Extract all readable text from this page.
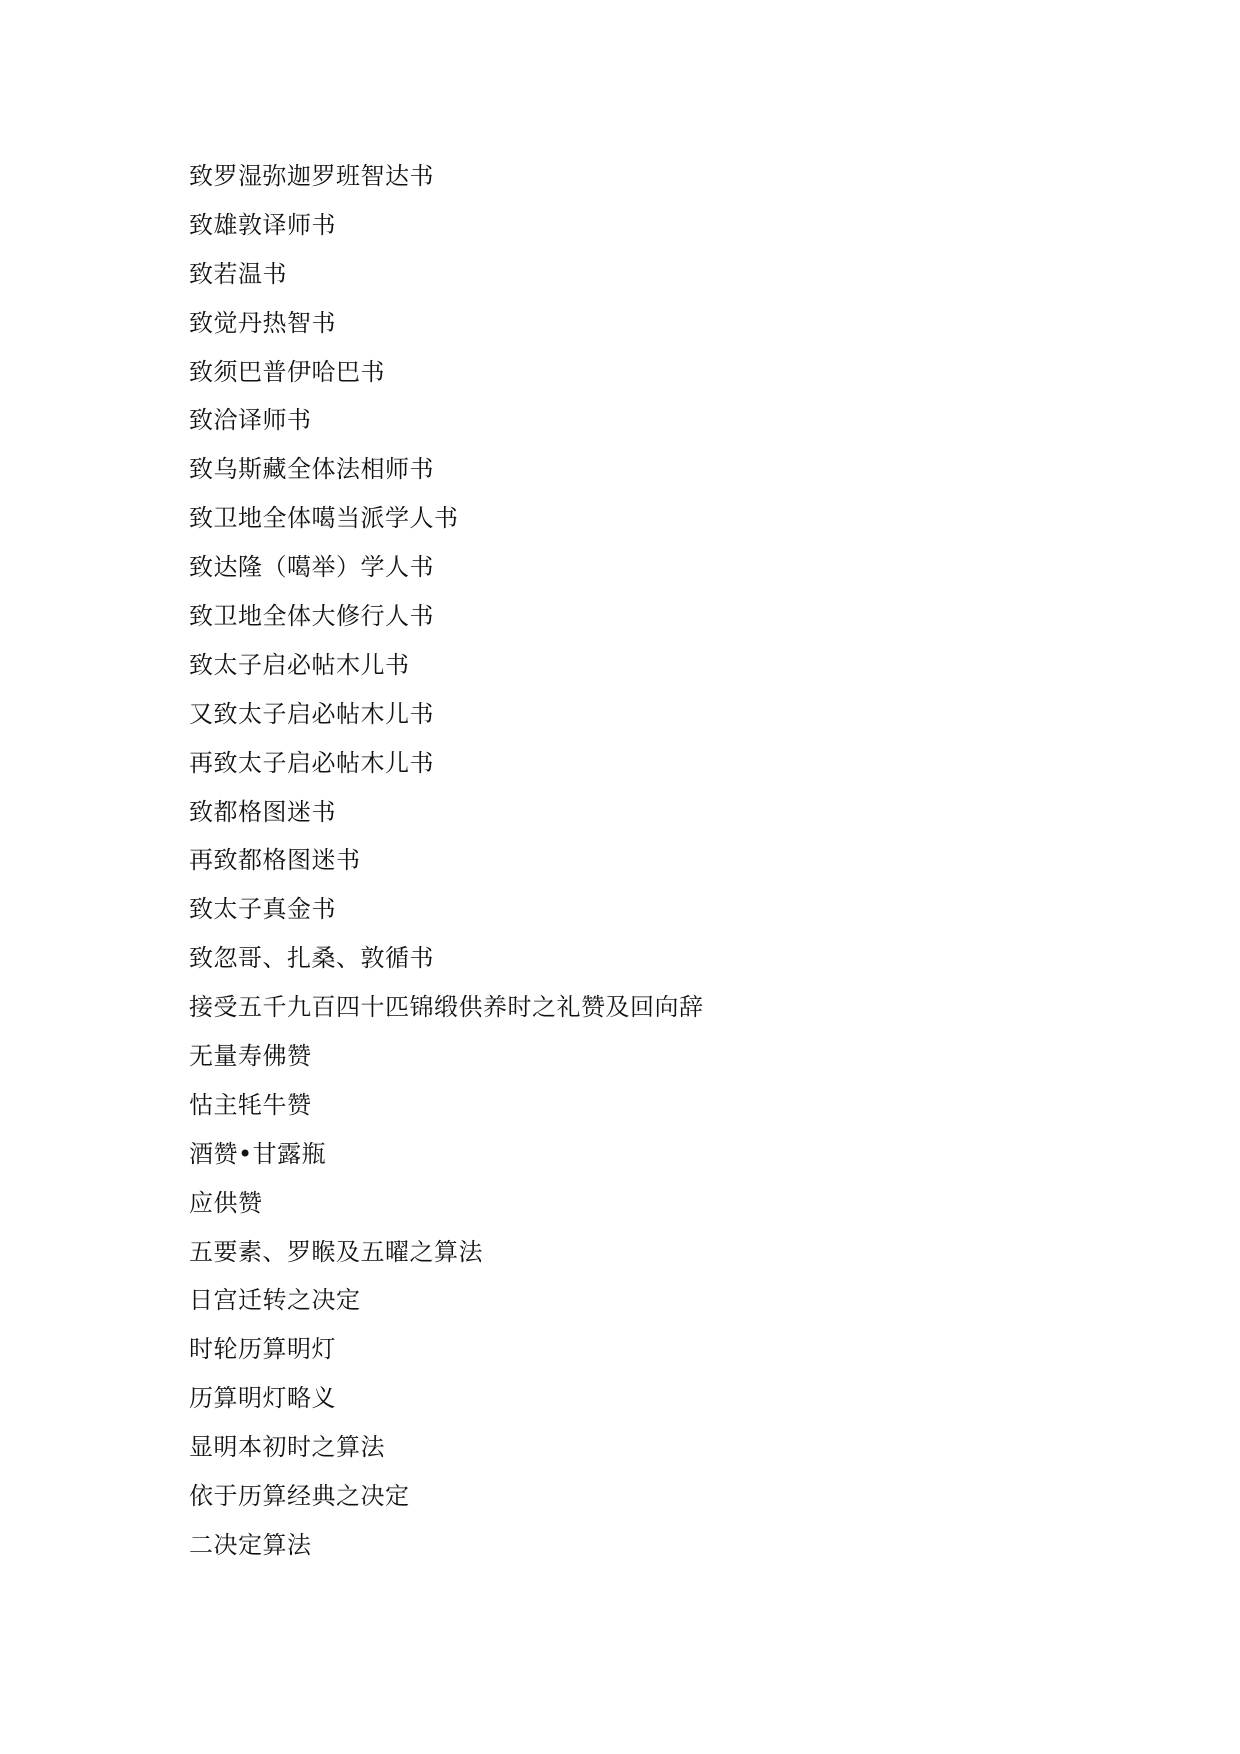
致罗湿弥迦罗班智达书
致雄敦译师书
致若温书
致觉丹热智书
致须巴普伊哈巴书
致洽译师书
致乌斯藏全体法相师书
致卫地全体噶当派学人书
致达隆（噶举）学人书
致卫地全体大修行人书
致太子启必帖木儿书
又致太子启必帖木儿书
再致太子启必帖木儿书
致都格图迷书
再致都格图迷书
致太子真金书
致忽哥、扎桑、敦循书
接受五千九百四十匹锦缎供养时之礼赞及回向辞
无量寿佛赞
怙主牦牛赞
酒赞•甘露瓶
应供赞
五要素、罗睺及五曜之算法
日宫迁转之决定
时轮历算明灯
历算明灯略义
显明本初时之算法
依于历算经典之决定
二决定算法
